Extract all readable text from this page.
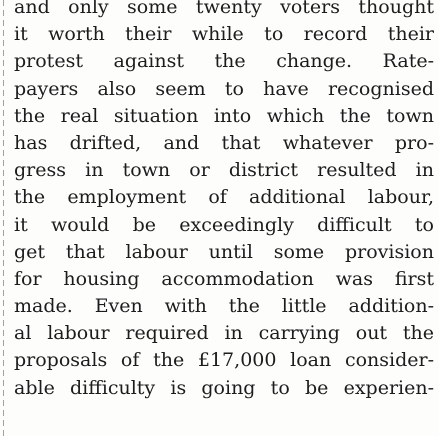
and only some twenty voters thought
it worth their while to record their
protest against the change. Rate-
payers also seem to have recognised
the real situation into which the town
has drifted, and that whatever pro-
gress in town or district resulted in
the employment of additional labour,
it would be exceedingly difficult to
get that labour until some provision
for housing accommodation was first
made. Even with the little addition-
al labour required in carrying out the
proposals of the £17,000 loan consider-
able difficulty is going to be experien-
